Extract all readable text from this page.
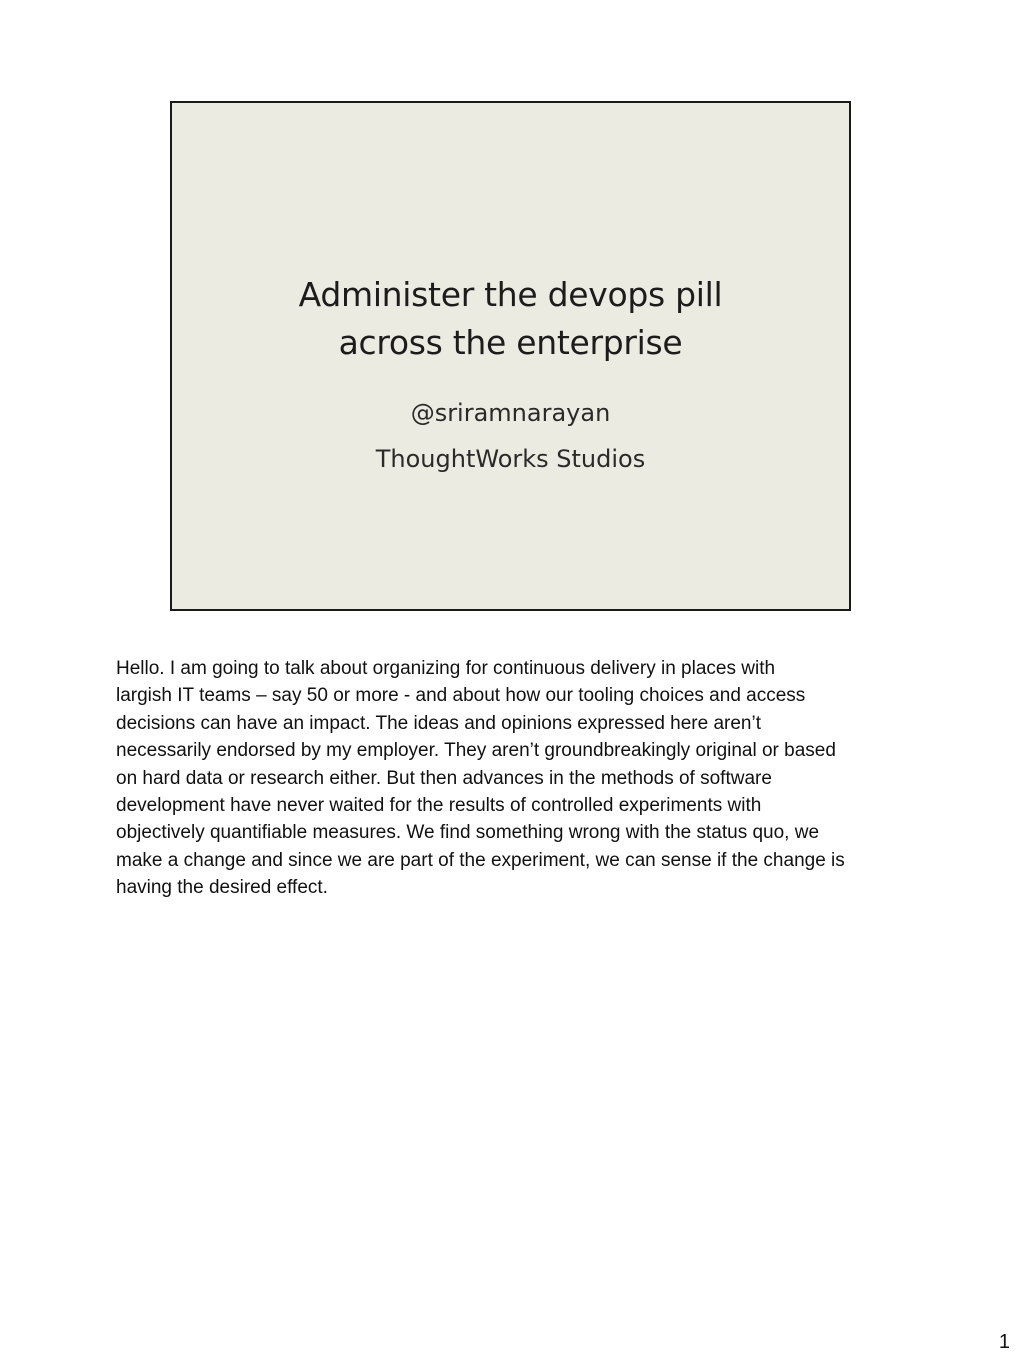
Administer the devops pill
across the enterprise
@sriramnarayan
ThoughtWorks Studios
Hello. I am going to talk about organizing for continuous delivery in places with
largish IT teams – say 50 or more - and about how our tooling choices and access
decisions can have an impact. The ideas and opinions expressed here aren’t
necessarily endorsed by my employer. They aren’t groundbreakingly original or based
on hard data or research either. But then advances in the methods of software
development have never waited for the results of controlled experiments with
objectively quantifiable measures. We find something wrong with the status quo, we
make a change and since we are part of the experiment, we can sense if the change is
having the desired effect.
1
